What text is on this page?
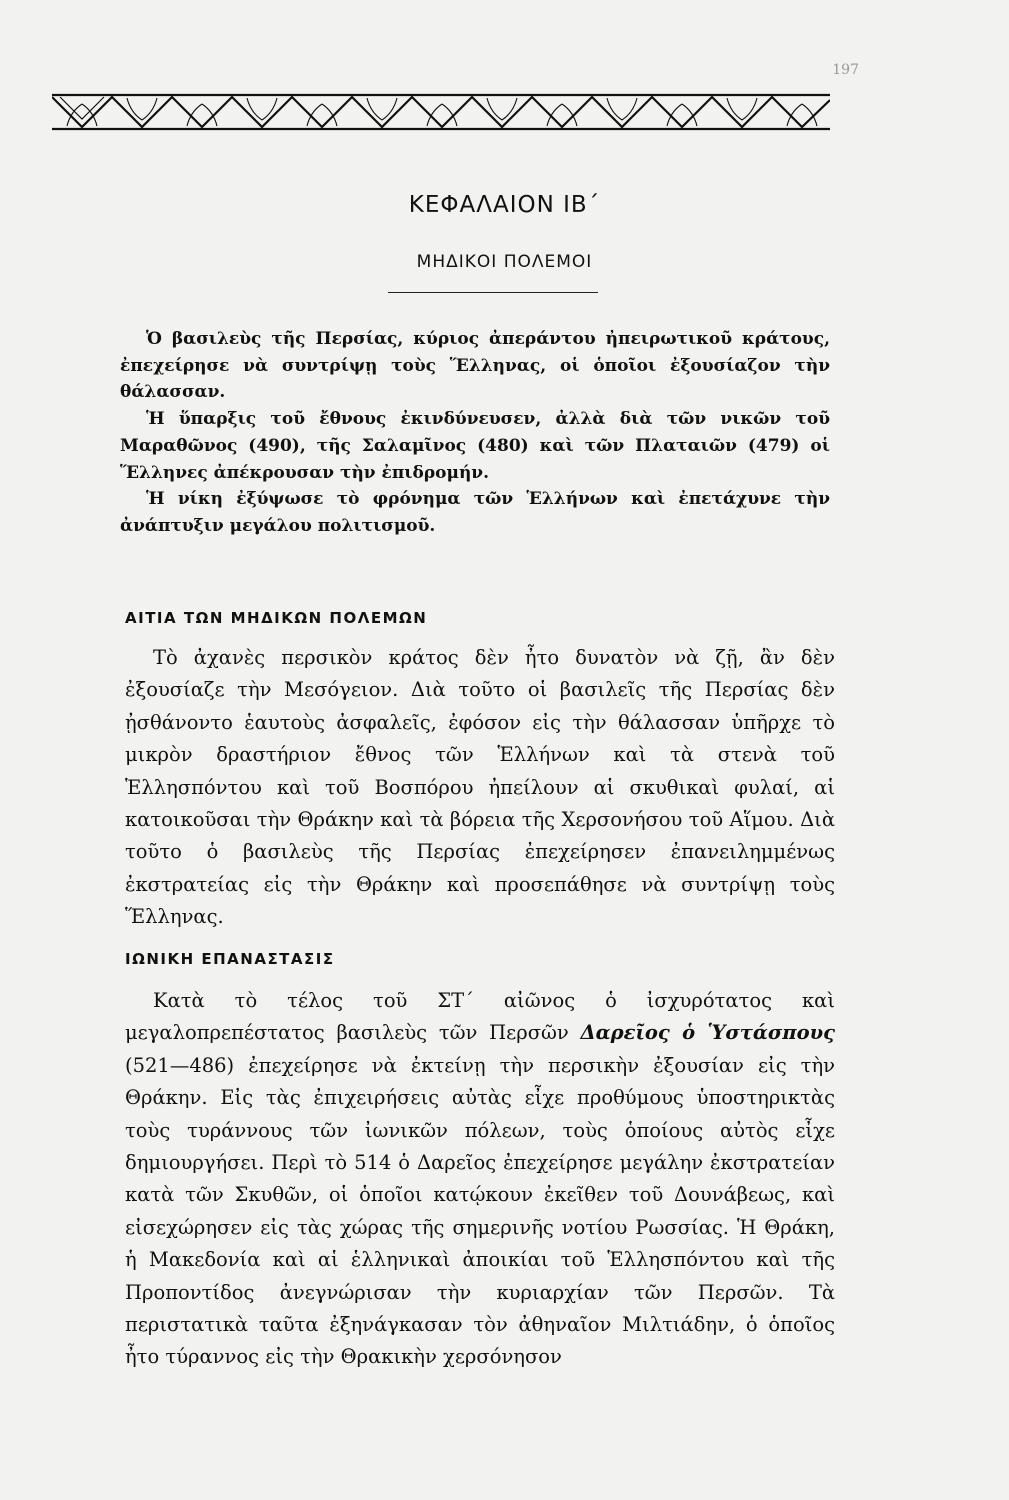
197
ΚΕΦΑΛΑΙΟΝ ΙΒ΄
ΜΗΔΙΚΟΙ ΠΟΛΕΜΟΙ

Ὁ βασιλεὺς τῆς Περσίας, κύριος ἀπεράντου ἠπειρωτικοῦ κράτους, ἐπεχείρησε νὰ συντρίψῃ τοὺς Ἕλληνας, οἱ ὁποῖοι ἐξουσίαζον τὴν θάλασσαν.

Ἡ ὕπαρξις τοῦ ἔθνους ἐκινδύνευσεν, ἀλλὰ διὰ τῶν νικῶν τοῦ Μαραθῶνος (490), τῆς Σαλαμῖνος (480) καὶ τῶν Πλαταιῶν (479) οἱ Ἕλληνες ἀπέκρουσαν τὴν ἐπιδρομήν.

Ἡ νίκη ἐξύψωσε τὸ φρόνημα τῶν Ἑλλήνων καὶ ἐπετάχυνε τὴν ἀνάπτυξιν μεγάλου πολιτισμοῦ.

ΑΙΤΙΑ ΤΩΝ ΜΗΔΙΚΩΝ ΠΟΛΕΜΩΝ

Τὸ ἀχανὲς περσικὸν κράτος δὲν ἦτο δυνατὸν νὰ ζῇ, ἂν δὲν ἐξουσίαζε τὴν Μεσόγειον. Διὰ τοῦτο οἱ βασιλεῖς τῆς Περσίας δὲν ᾐσθάνοντο ἑαυτοὺς ἀσφαλεῖς, ἐφόσον εἰς τὴν θάλασσαν ὑπῆρχε τὸ μικρὸν δραστήριον ἔθνος τῶν Ἑλλήνων καὶ τὰ στενὰ τοῦ Ἑλλησπόντου καὶ τοῦ Βοσπόρου ἠπείλουν αἱ σκυθικαὶ φυλαί, αἱ κατοικοῦσαι τὴν Θράκην καὶ τὰ βόρεια τῆς Χερσονήσου τοῦ Αἵμου. Διὰ τοῦτο ὁ βασιλεὺς τῆς Περσίας ἐπεχείρησεν ἐπανειλημμένως ἐκστρατείας εἰς τὴν Θράκην καὶ προσεπάθησε νὰ συντρίψῃ τοὺς Ἕλληνας.

ΙΩΝΙΚΗ ΕΠΑΝΑΣΤΑΣΙΣ

Κατὰ τὸ τέλος τοῦ ΣΤ΄ αἰῶνος ὁ ἰσχυρότατος καὶ μεγαλοπρεπέστατος βασιλεὺς τῶν Περσῶν Δαρεῖος ὁ Ὑστάσπους (521—486) ἐπεχείρησε νὰ ἐκτείνῃ τὴν περσικὴν ἐξουσίαν εἰς τὴν Θράκην. Εἰς τὰς ἐπιχειρήσεις αὐτὰς εἶχε προθύμους ὑποστηρικτὰς τοὺς τυράννους τῶν ἰωνικῶν πόλεων, τοὺς ὁποίους αὐτὸς εἶχε δημιουργήσει. Περὶ τὸ 514 ὁ Δαρεῖος ἐπεχείρησε μεγάλην ἐκστρατείαν κατὰ τῶν Σκυθῶν, οἱ ὁποῖοι κατῴκουν ἐκεῖθεν τοῦ Δουνάβεως, καὶ εἰσεχώρησεν εἰς τὰς χώρας τῆς σημερινῆς νοτίου Ρωσσίας. Ἡ Θράκη, ἡ Μακεδονία καὶ αἱ ἑλληνικαὶ ἀποικίαι τοῦ Ἑλλησπόντου καὶ τῆς Προποντίδος ἀνεγνώρισαν τὴν κυριαρχίαν τῶν Περσῶν. Τὰ περιστατικὰ ταῦτα ἐξηνάγκασαν τὸν ἀθηναῖον Μιλτιάδην, ὁ ὁποῖος ἦτο τύραννος εἰς τὴν Θρακικὴν χερσόνησον
